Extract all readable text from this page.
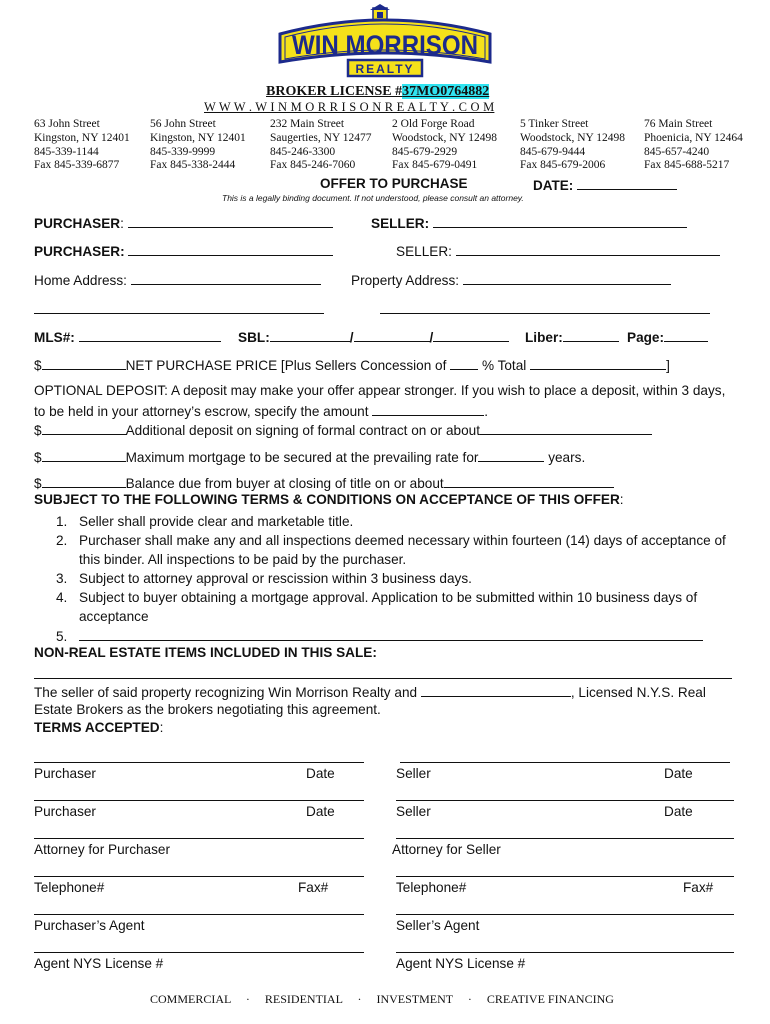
WIN MORRISON
REALTY
BROKER LICENSE #37MO0764882
W W W . W I N M O R R I S O N R E A L T Y . C O M
63 John Street
Kingston, NY 12401
845-339-1144
Fax 845-339-6877
56 John Street
Kingston, NY 12401
845-339-9999
Fax 845-338-2444
232 Main Street
Saugerties, NY 12477
845-246-3300
Fax 845-246-7060
2 Old Forge Road
Woodstock, NY 12498
845-679-2929
Fax 845-679-0491
5 Tinker Street
Woodstock, NY 12498
845-679-9444
Fax 845-679-2006
76 Main Street
Phoenicia, NY 12464
845-657-4240
Fax 845-688-5217
OFFER TO PURCHASE	DATE:
This is a legally binding document. If not understood, please consult an attorney.
PURCHASER:	SELLER:
PURCHASER:	SELLER:
Home Address:	Property Address:
MLS#:	SBL:	/	/	Liber:	Page:
$	NET PURCHASE PRICE [Plus Sellers Concession of	% Total	]
OPTIONAL DEPOSIT: A deposit may make your offer appear stronger. If you wish to place a deposit, within 3 days,
to be held in your attorney’s escrow, specify the amount	.
$	Additional deposit on signing of formal contract on or about
$	Maximum mortgage to be secured at the prevailing rate for	years.
$	Balance due from buyer at closing of title on or about
SUBJECT TO THE FOLLOWING TERMS & CONDITIONS ON ACCEPTANCE OF THIS OFFER:
1. Seller shall provide clear and marketable title.
2. Purchaser shall make any and all inspections deemed necessary within fourteen (14) days of acceptance of
this binder. All inspections to be paid by the purchaser.
3. Subject to attorney approval or rescission within 3 business days.
4. Subject to buyer obtaining a mortgage approval. Application to be submitted within 10 business days of
acceptance
5.
NON-REAL ESTATE ITEMS INCLUDED IN THIS SALE:
The seller of said property recognizing Win Morrison Realty and	, Licensed N.Y.S. Real
Estate Brokers as the brokers negotiating this agreement.
TERMS ACCEPTED:
Purchaser	Date	Seller	Date
Purchaser	Date	Seller	Date
Attorney for Purchaser	Attorney for Seller
Telephone#	Fax#	Telephone#	Fax#
Purchaser’s Agent	Seller’s Agent
Agent NYS License #	Agent NYS License #
COMMERCIAL · RESIDENTIAL · INVESTMENT · CREATIVE FINANCING
